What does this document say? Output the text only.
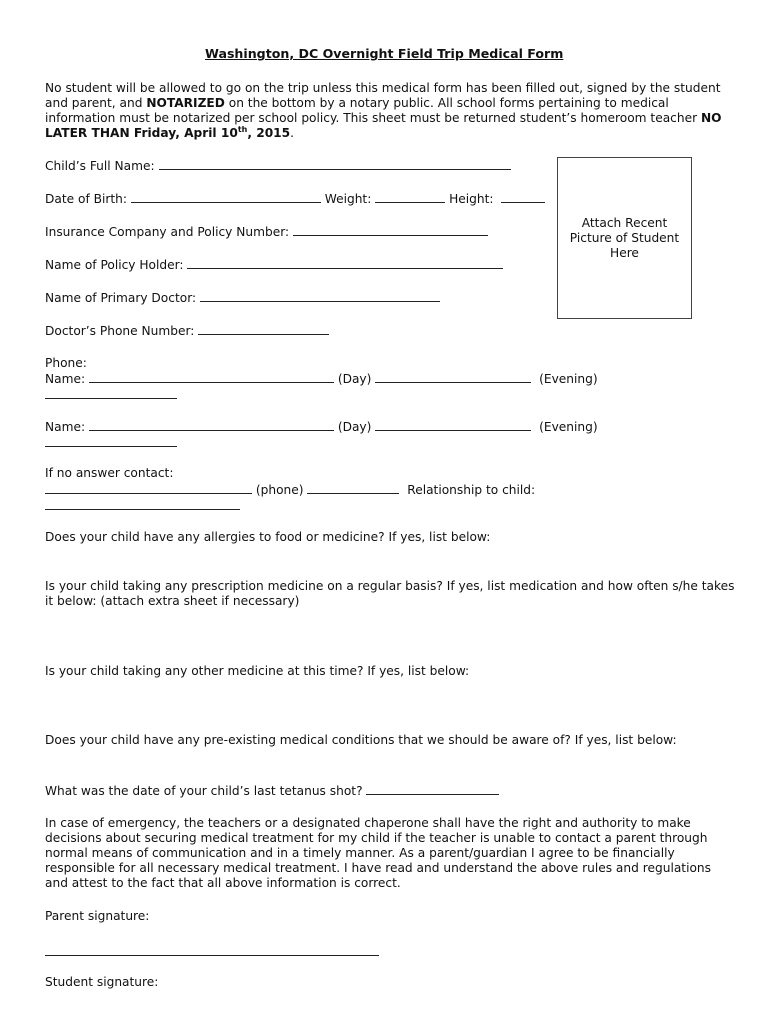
Washington, DC Overnight Field Trip Medical Form
No student will be allowed to go on the trip unless this medical form has been filled out, signed by the student and parent, and NOTARIZED on the bottom by a notary public. All school forms pertaining to medical information must be notarized per school policy. This sheet must be returned student’s homeroom teacher NO LATER THAN Friday, April 10th, 2015.
Child’s Full Name:
Date of Birth:	Weight:	Height:
Insurance Company and Policy Number:
Name of Policy Holder:
Name of Primary Doctor:
Doctor’s Phone Number:
Attach Recent
Picture of Student
Here
Phone:
Name:	(Day)	(Evening)
Name:	(Day)	(Evening)
If no answer contact:
(phone)	Relationship to child:
Does your child have any allergies to food or medicine? If yes, list below:
Is your child taking any prescription medicine on a regular basis? If yes, list medication and how often s/he takes it below: (attach extra sheet if necessary)
Is your child taking any other medicine at this time? If yes, list below:
Does your child have any pre-existing medical conditions that we should be aware of? If yes, list below:
What was the date of your child’s last tetanus shot?
In case of emergency, the teachers or a designated chaperone shall have the right and authority to make decisions about securing medical treatment for my child if the teacher is unable to contact a parent through normal means of communication and in a timely manner. As a parent/guardian I agree to be financially responsible for all necessary medical treatment. I have read and understand the above rules and regulations and attest to the fact that all above information is correct.
Parent signature:
Student signature:
